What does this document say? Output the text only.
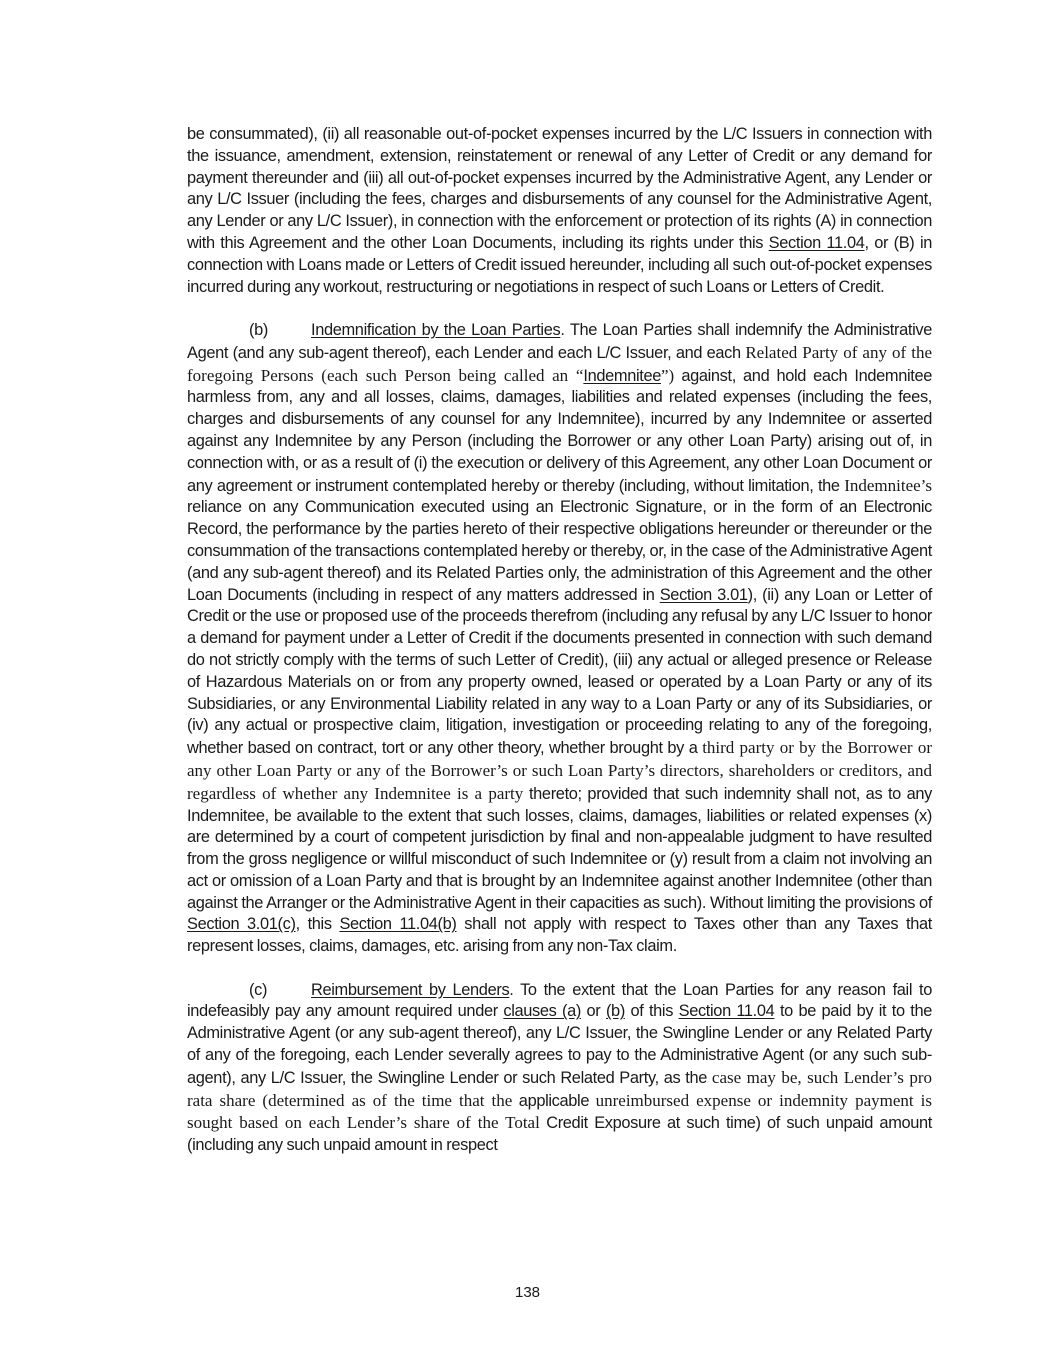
be consummated), (ii) all reasonable out-of-pocket expenses incurred by the L/C Issuers in connection with the issuance, amendment, extension, reinstatement or renewal of any Letter of Credit or any demand for payment thereunder and (iii) all out-of-pocket expenses incurred by the Administrative Agent, any Lender or any L/C Issuer (including the fees, charges and disbursements of any counsel for the Administrative Agent, any Lender or any L/C Issuer), in connection with the enforcement or protection of its rights (A) in connection with this Agreement and the other Loan Documents, including its rights under this Section 11.04, or (B) in connection with Loans made or Letters of Credit issued hereunder, including all such out-of-pocket expenses incurred during any workout, restructuring or negotiations in respect of such Loans or Letters of Credit.

(b)	Indemnification by the Loan Parties. The Loan Parties shall indemnify the Administrative Agent (and any sub-agent thereof), each Lender and each L/C Issuer, and each Related Party of any of the foregoing Persons (each such Person being called an “Indemnitee”) against, and hold each Indemnitee harmless from, any and all losses, claims, damages, liabilities and related expenses (including the fees, charges and disbursements of any counsel for any Indemnitee), incurred by any Indemnitee or asserted against any Indemnitee by any Person (including the Borrower or any other Loan Party) arising out of, in connection with, or as a result of (i) the execution or delivery of this Agreement, any other Loan Document or any agreement or instrument contemplated hereby or thereby (including, without limitation, the Indemnitee’s reliance on any Communication executed using an Electronic Signature, or in the form of an Electronic Record, the performance by the parties hereto of their respective obligations hereunder or thereunder or the consummation of the transactions contemplated hereby or thereby, or, in the case of the Administrative Agent (and any sub-agent thereof) and its Related Parties only, the administration of this Agreement and the other Loan Documents (including in respect of any matters addressed in Section 3.01), (ii) any Loan or Letter of Credit or the use or proposed use of the proceeds therefrom (including any refusal by any L/C Issuer to honor a demand for payment under a Letter of Credit if the documents presented in connection with such demand do not strictly comply with the terms of such Letter of Credit), (iii) any actual or alleged presence or Release of Hazardous Materials on or from any property owned, leased or operated by a Loan Party or any of its Subsidiaries, or any Environmental Liability related in any way to a Loan Party or any of its Subsidiaries, or (iv) any actual or prospective claim, litigation, investigation or proceeding relating to any of the foregoing, whether based on contract, tort or any other theory, whether brought by a third party or by the Borrower or any other Loan Party or any of the Borrower’s or such Loan Party’s directors, shareholders or creditors, and regardless of whether any Indemnitee is a party thereto; provided that such indemnity shall not, as to any Indemnitee, be available to the extent that such losses, claims, damages, liabilities or related expenses (x) are determined by a court of competent jurisdiction by final and non-appealable judgment to have resulted from the gross negligence or willful misconduct of such Indemnitee or (y) result from a claim not involving an act or omission of a Loan Party and that is brought by an Indemnitee against another Indemnitee (other than against the Arranger or the Administrative Agent in their capacities as such). Without limiting the provisions of Section 3.01(c), this Section 11.04(b) shall not apply with respect to Taxes other than any Taxes that represent losses, claims, damages, etc. arising from any non-Tax claim.

(c)	Reimbursement by Lenders. To the extent that the Loan Parties for any reason fail to indefeasibly pay any amount required under clauses (a) or (b) of this Section 11.04 to be paid by it to the Administrative Agent (or any sub-agent thereof), any L/C Issuer, the Swingline Lender or any Related Party of any of the foregoing, each Lender severally agrees to pay to the Administrative Agent (or any such sub-agent), any L/C Issuer, the Swingline Lender or such Related Party, as the case may be, such Lender’s pro rata share (determined as of the time that the applicable unreimbursed expense or indemnity payment is sought based on each Lender’s share of the Total Credit Exposure at such time) of such unpaid amount (including any such unpaid amount in respect

138
